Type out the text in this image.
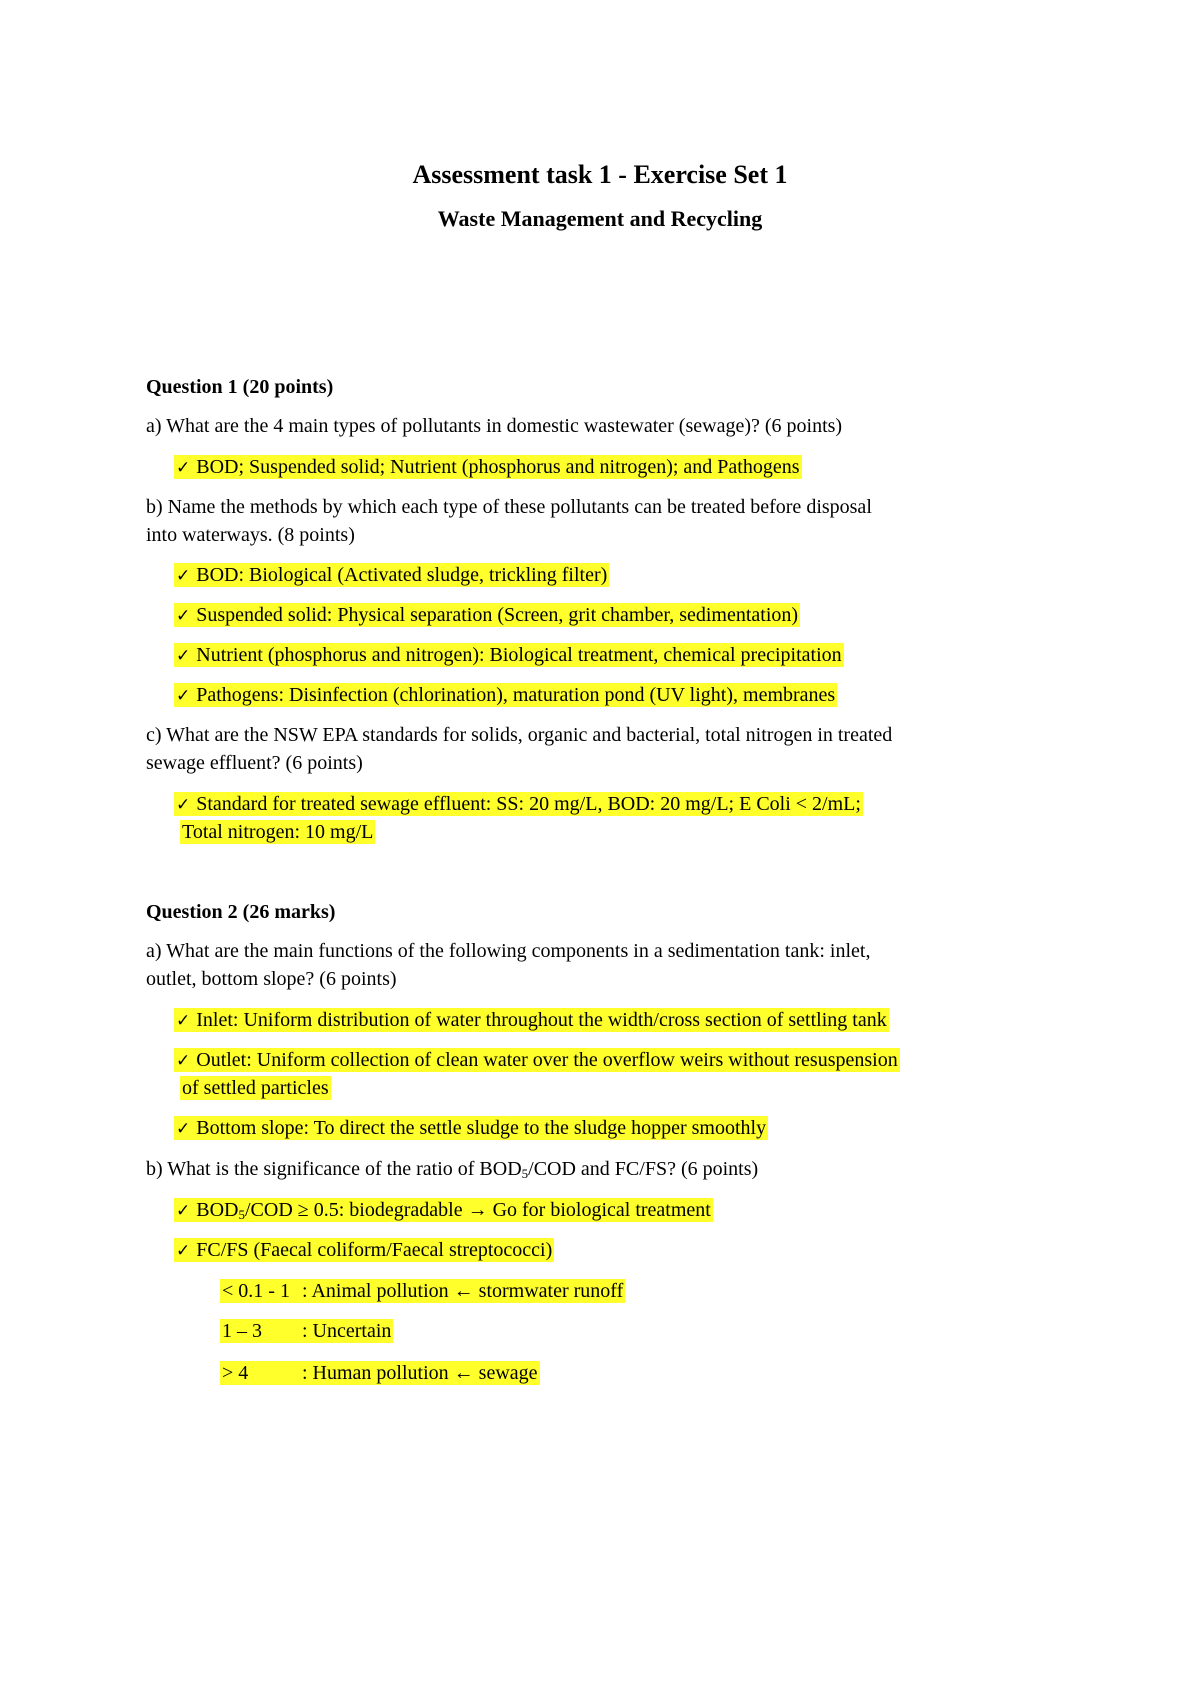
Assessment task 1 - Exercise Set 1
Waste Management and Recycling
Question 1 (20 points)
a) What are the 4 main types of pollutants in domestic wastewater (sewage)? (6 points)
✓ BOD; Suspended solid; Nutrient (phosphorus and nitrogen); and Pathogens
b) Name the methods by which each type of these pollutants can be treated before disposal
into waterways. (8 points)
✓ BOD: Biological (Activated sludge, trickling filter)
✓ Suspended solid: Physical separation (Screen, grit chamber, sedimentation)
✓ Nutrient (phosphorus and nitrogen): Biological treatment, chemical precipitation
✓ Pathogens: Disinfection (chlorination), maturation pond (UV light), membranes
c) What are the NSW EPA standards for solids, organic and bacterial, total nitrogen in treated
sewage effluent? (6 points)
✓ Standard for treated sewage effluent: SS: 20 mg/L, BOD: 20 mg/L; E Coli < 2/mL;
Total nitrogen: 10 mg/L
Question 2 (26 marks)
a) What are the main functions of the following components in a sedimentation tank: inlet,
outlet, bottom slope? (6 points)
✓ Inlet: Uniform distribution of water throughout the width/cross section of settling tank
✓ Outlet: Uniform collection of clean water over the overflow weirs without resuspension
of settled particles
✓ Bottom slope: To direct the settle sludge to the sludge hopper smoothly
b) What is the significance of the ratio of $BOD_5$/COD and FC/FS? (6 points)
✓ $BOD_5$/COD ≥ 0.5: biodegradable → Go for biological treatment
✓ FC/FS (Faecal coliform/Faecal streptococci)
< 0.1 - 1 : Animal pollution ← stormwater runoff
1 – 3 : Uncertain
> 4	: Human pollution ← sewage
